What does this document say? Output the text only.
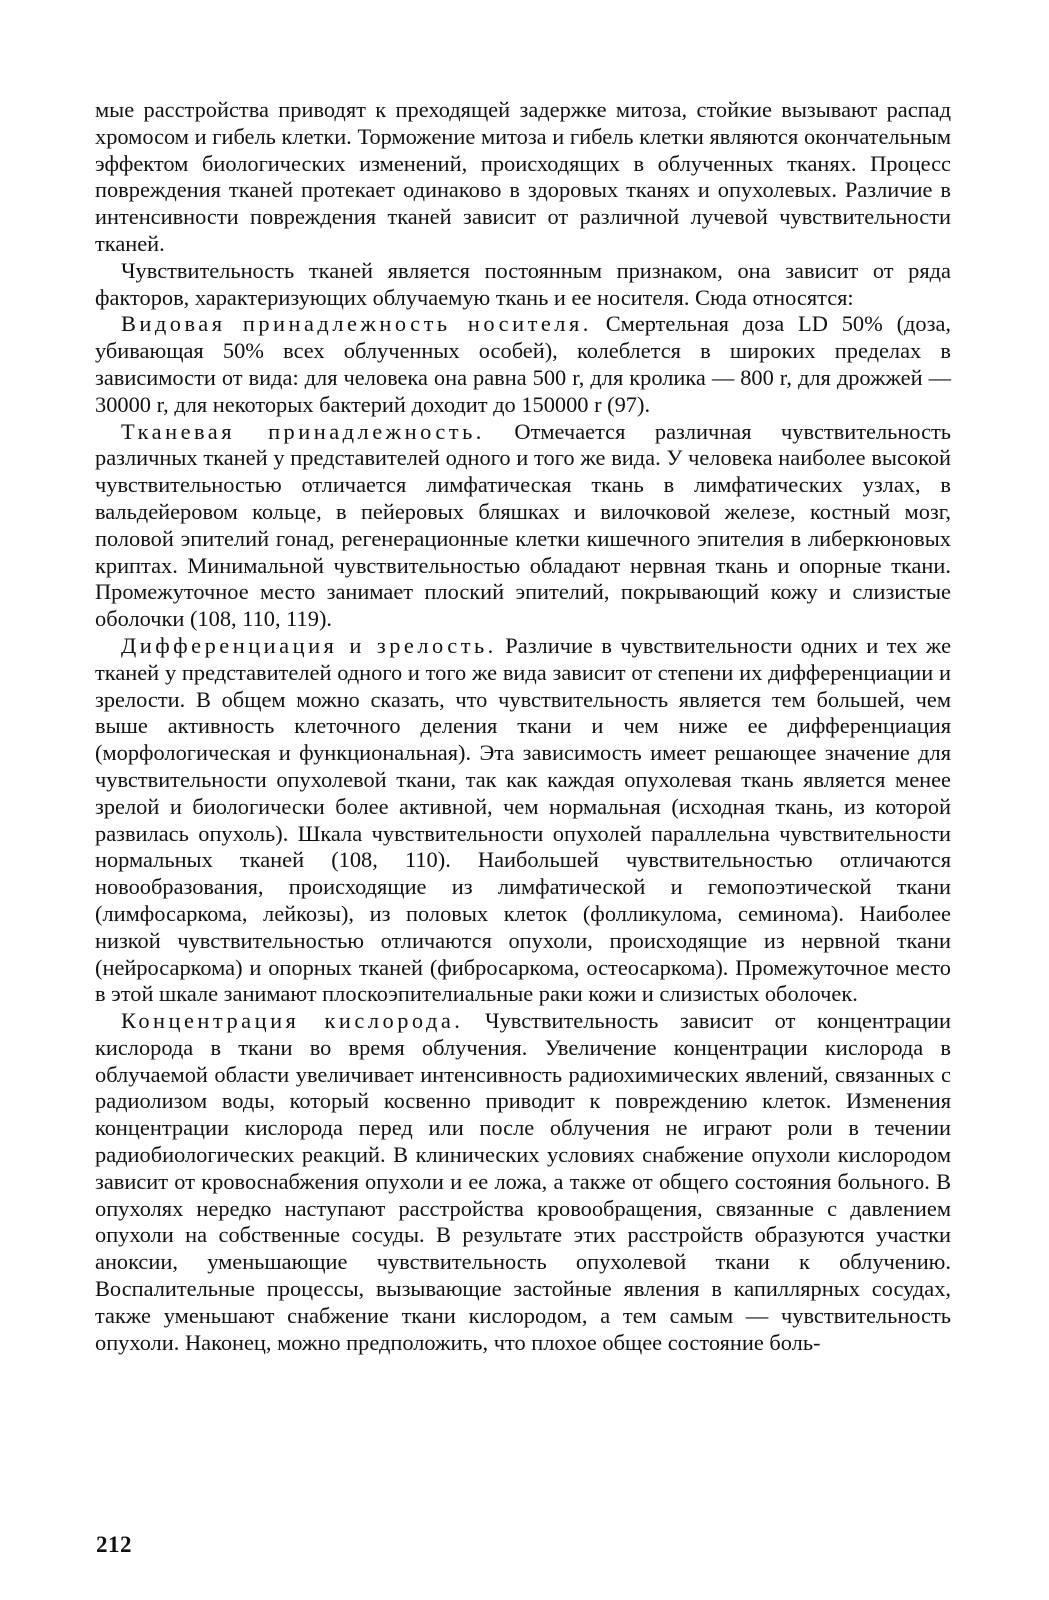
мые расстройства приводят к преходящей задержке митоза, стойкие вызывают распад хромосом и гибель клетки. Торможение митоза и гибель клетки являются окончательным эффектом биологических изменений, происходящих в облученных тканях. Процесс повреждения тканей протекает одинаково в здоровых тканях и опухолевых. Различие в интенсивности повреждения тканей зависит от различной лучевой чувствительности тканей.

Чувствительность тканей является постоянным признаком, она зависит от ряда факторов, характеризующих облучаемую ткань и ее носителя. Сюда относятся:

Видовая принадлежность носителя. Смертельная доза LD 50% (доза, убивающая 50% всех облученных особей), колеблется в широких пределах в зависимости от вида: для человека она равна 500 r, для кролика — 800 r, для дрожжей — 30000 r, для некоторых бактерий доходит до 150000 r (97).

Тканевая принадлежность. Отмечается различная чувствительность различных тканей у представителей одного и того же вида. У человека наиболее высокой чувствительностью отличается лимфатическая ткань в лимфатических узлах, в вальдейеровом кольце, в пейеровых бляшках и вилочковой железе, костный мозг, половой эпителий гонад, регенерационные клетки кишечного эпителия в либеркюновых криптах. Минимальной чувствительностью обладают нервная ткань и опорные ткани. Промежуточное место занимает плоский эпителий, покрывающий кожу и слизистые оболочки (108, 110, 119).

Дифференциация и зрелость. Различие в чувствительности одних и тех же тканей у представителей одного и того же вида зависит от степени их дифференциации и зрелости. В общем можно сказать, что чувствительность является тем большей, чем выше активность клеточного деления ткани и чем ниже ее дифференциация (морфологическая и функциональная). Эта зависимость имеет решающее значение для чувствительности опухолевой ткани, так как каждая опухолевая ткань является менее зрелой и биологически более активной, чем нормальная (исходная ткань, из которой развилась опухоль). Шкала чувствительности опухолей параллельна чувствительности нормальных тканей (108, 110). Наибольшей чувствительностью отличаются новообразования, происходящие из лимфатической и гемопоэтической ткани (лимфосаркома, лейкозы), из половых клеток (фолликулома, семинома). Наиболее низкой чувствительностью отличаются опухоли, происходящие из нервной ткани (нейросаркома) и опорных тканей (фибросаркома, остеосаркома). Промежуточное место в этой шкале занимают плоскоэпителиальные раки кожи и слизистых оболочек.

Концентрация кислорода. Чувствительность зависит от концентрации кислорода в ткани во время облучения. Увеличение концентрации кислорода в облучаемой области увеличивает интенсивность радиохимических явлений, связанных с радиолизом воды, который косвенно приводит к повреждению клеток. Изменения концентрации кислорода перед или после облучения не играют роли в течении радиобиологических реакций. В клинических условиях снабжение опухоли кислородом зависит от кровоснабжения опухоли и ее ложа, а также от общего состояния больного. В опухолях нередко наступают расстройства кровообращения, связанные с давлением опухоли на собственные сосуды. В результате этих расстройств образуются участки аноксии, уменьшающие чувствительность опухолевой ткани к облучению. Воспалительные процессы, вызывающие застойные явления в капиллярных сосудах, также уменьшают снабжение ткани кислородом, а тем самым — чувствительность опухоли. Наконец, можно предположить, что плохое общее состояние боль-

212
